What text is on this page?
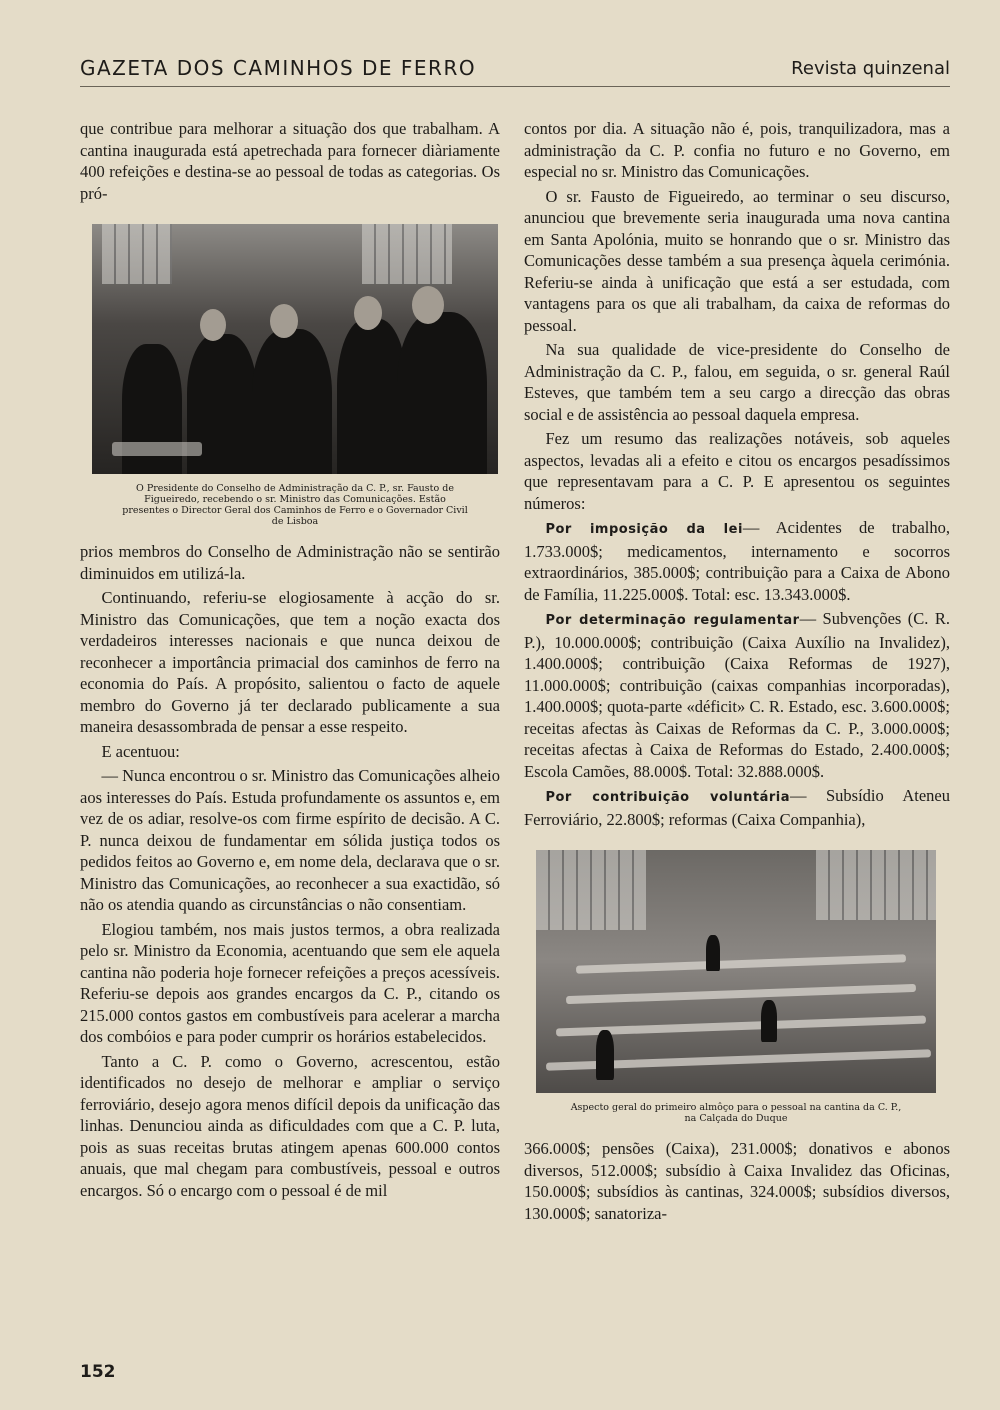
GAZETA DOS CAMINHOS DE FERRO	Revista quinzenal

que contribue para melhorar a situação dos que trabalham. A cantina inaugurada está apetrechada para fornecer diàriamente 400 refeições e destina-se ao pessoal de todas as categorias. Os pró-

O Presidente do Conselho de Administração da C. P., sr. Fausto de Figueiredo, recebendo o sr. Ministro das Comunicações. Estão presentes o Director Geral dos Caminhos de Ferro e o Governador Civil de Lisboa

prios membros do Conselho de Administração não se sentirão diminuidos em utilizá-la.

Continuando, referiu-se elogiosamente à acção do sr. Ministro das Comunicações, que tem a noção exacta dos verdadeiros interesses nacionais e que nunca deixou de reconhecer a importância primacial dos caminhos de ferro na economia do País. A propósito, salientou o facto de aquele membro do Governo já ter declarado publicamente a sua maneira desassombrada de pensar a esse respeito.

E acentuou:

— Nunca encontrou o sr. Ministro das Comunicações alheio aos interesses do País. Estuda profundamente os assuntos e, em vez de os adiar, resolve-os com firme espírito de decisão. A C. P. nunca deixou de fundamentar em sólida justiça todos os pedidos feitos ao Governo e, em nome dela, declarava que o sr. Ministro das Comunicações, ao reconhecer a sua exactidão, só não os atendia quando as circunstâncias o não consentiam.

Elogiou também, nos mais justos termos, a obra realizada pelo sr. Ministro da Economia, acentuando que sem ele aquela cantina não poderia hoje fornecer refeições a preços acessíveis. Referiu-se depois aos grandes encargos da C. P., citando os 215.000 contos gastos em combustíveis para acelerar a marcha dos combóios e para poder cumprir os horários estabelecidos.

Tanto a C. P. como o Governo, acrescentou, estão identificados no desejo de melhorar e ampliar o serviço ferroviário, desejo agora menos difícil depois da unificação das linhas. Denunciou ainda as dificuldades com que a C. P. luta, pois as suas receitas brutas atingem apenas 600.000 contos anuais, que mal chegam para combustíveis, pessoal e outros encargos. Só o encargo com o pessoal é de mil

contos por dia. A situação não é, pois, tranquilizadora, mas a administração da C. P. confia no futuro e no Governo, em especial no sr. Ministro das Comunicações.

O sr. Fausto de Figueiredo, ao terminar o seu discurso, anunciou que brevemente seria inaugurada uma nova cantina em Santa Apolónia, muito se honrando que o sr. Ministro das Comunicações desse também a sua presença àquela cerimónia. Referiu-se ainda à unificação que está a ser estudada, com vantagens para os que ali trabalham, da caixa de reformas do pessoal.

Na sua qualidade de vice-presidente do Conselho de Administração da C. P., falou, em seguida, o sr. general Raúl Esteves, que também tem a seu cargo a direcção das obras social e de assistência ao pessoal daquela empresa.

Fez um resumo das realizações notáveis, sob aqueles aspectos, levadas ali a efeito e citou os encargos pesadíssimos que representavam para a C. P. E apresentou os seguintes números:

Por imposição da lei— Acidentes de trabalho, 1.733.000$; medicamentos, internamento e socorros extraordinários, 385.000$; contribuição para a Caixa de Abono de Família, 11.225.000$. Total: esc. 13.343.000$.

Por determinação regulamentar— Subvenções (C. R. P.), 10.000.000$; contribuição (Caixa Auxílio na Invalidez), 1.400.000$; contribuição (Caixa Reformas de 1927), 11.000.000$; contribuição (caixas companhias incorporadas), 1.400.000$; quota-parte «déficit» C. R. Estado, esc. 3.600.000$; receitas afectas às Caixas de Reformas da C. P., 3.000.000$; receitas afectas à Caixa de Reformas do Estado, 2.400.000$; Escola Camões, 88.000$. Total: 32.888.000$.

Por contribuição voluntária— Subsídio Ateneu Ferroviário, 22.800$; reformas (Caixa Companhia),

Aspecto geral do primeiro almôço para o pessoal na cantina da C. P., na Calçada do Duque

366.000$; pensões (Caixa), 231.000$; donativos e abonos diversos, 512.000$; subsídio à Caixa Invalidez das Oficinas, 150.000$; subsídios às cantinas, 324.000$; subsídios diversos, 130.000$; sanatoriza-

152
